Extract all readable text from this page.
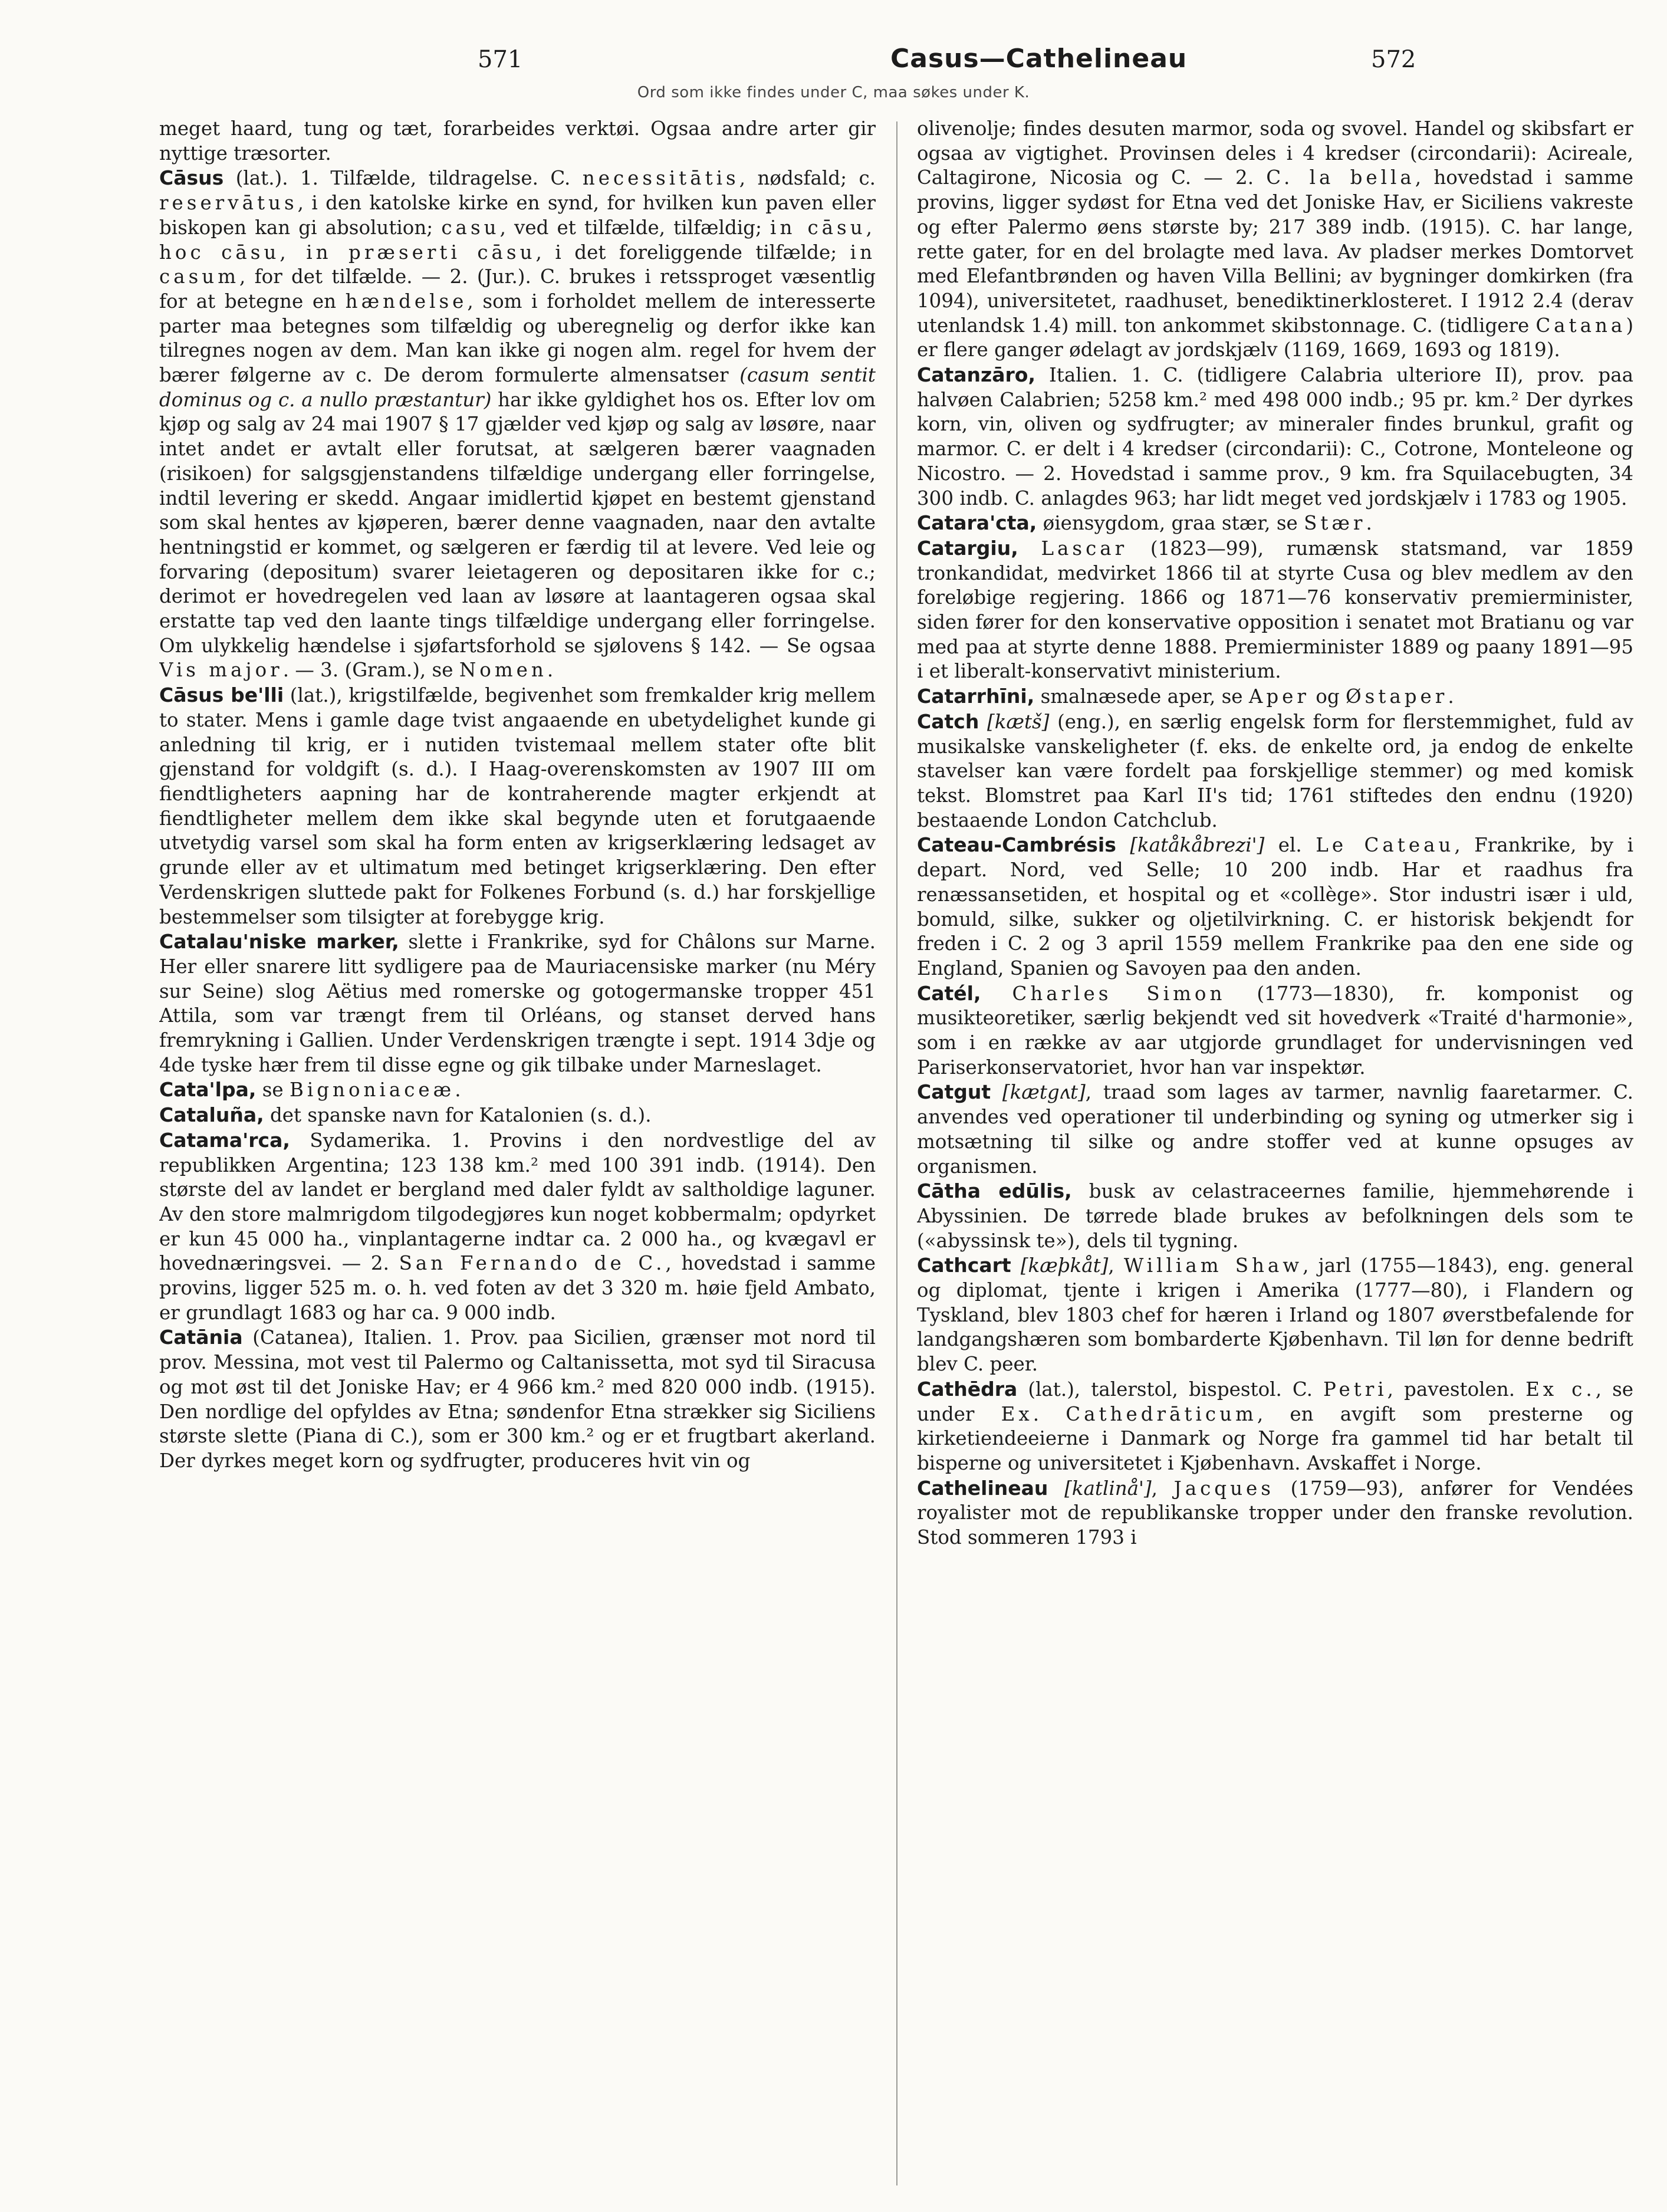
571	Casus—Cathelineau	572
Ord som ikke findes under C, maa søkes under K.

meget haard, tung og tæt, forarbeides verktøi. Ogsaa andre arter gir nyttige træsorter.

Cāsus (lat.). 1. Tilfælde, tildragelse. C. necessitātis, nødsfald; c. reservātus, i den katolske kirke en synd, for hvilken kun paven eller biskopen kan gi absolution; casu, ved et tilfælde, tilfældig; in cāsu, hoc cāsu, in præserti cāsu, i det foreliggende tilfælde; in casum, for det tilfælde. — 2. (Jur.). C. brukes i retssproget væsentlig for at betegne en hændelse, som i forholdet mellem de interesserte parter maa betegnes som tilfældig og uberegnelig og derfor ikke kan tilregnes nogen av dem. Man kan ikke gi nogen alm. regel for hvem der bærer følgerne av c. De derom formulerte almensatser (casum sentit dominus og c. a nullo præstantur) har ikke gyldighet hos os. Efter lov om kjøp og salg av 24 mai 1907 § 17 gjælder ved kjøp og salg av løsøre, naar intet andet er avtalt eller forutsat, at sælgeren bærer vaagnaden (risikoen) for salgsgjenstandens tilfældige undergang eller forringelse, indtil levering er skedd. Angaar imidlertid kjøpet en bestemt gjenstand som skal hentes av kjøperen, bærer denne vaagnaden, naar den avtalte hentningstid er kommet, og sælgeren er færdig til at levere. Ved leie og forvaring (depositum) svarer leietageren og depositaren ikke for c.; derimot er hovedregelen ved laan av løsøre at laantageren ogsaa skal erstatte tap ved den laante tings tilfældige undergang eller forringelse. Om ulykkelig hændelse i sjøfartsforhold se sjølovens § 142. — Se ogsaa Vis major. — 3. (Gram.), se Nomen.

Cāsus be'lli (lat.), krigstilfælde, begivenhet som fremkalder krig mellem to stater. Mens i gamle dage tvist angaaende en ubetydelighet kunde gi anledning til krig, er i nutiden tvistemaal mellem stater ofte blit gjenstand for voldgift (s. d.). I Haag-overenskomsten av 1907 III om fiendtligheters aapning har de kontraherende magter erkjendt at fiendtligheter mellem dem ikke skal begynde uten et forutgaaende utvetydig varsel som skal ha form enten av krigserklæring ledsaget av grunde eller av et ultimatum med betinget krigserklæring. Den efter Verdenskrigen sluttede pakt for Folkenes Forbund (s. d.) har forskjellige bestemmelser som tilsigter at forebygge krig.

Catalau'niske marker, slette i Frankrike, syd for Châlons sur Marne. Her eller snarere litt sydligere paa de Mauriacensiske marker (nu Méry sur Seine) slog Aëtius med romerske og gotogermanske tropper 451 Attila, som var trængt frem til Orléans, og stanset derved hans fremrykning i Gallien. Under Verdenskrigen trængte i sept. 1914 3dje og 4de tyske hær frem til disse egne og gik tilbake under Marneslaget.

Cata'lpa, se Bignoniaceæ.

Cataluña, det spanske navn for Katalonien (s. d.).

Catama'rca, Sydamerika. 1. Provins i den nordvestlige del av republikken Argentina; 123 138 km.² med 100 391 indb. (1914). Den største del av landet er bergland med daler fyldt av saltholdige laguner. Av den store malmrigdom tilgodegjøres kun noget kobbermalm; opdyrket er kun 45 000 ha., vinplantagerne indtar ca. 2 000 ha., og kvægavl er hovednæringsvei. — 2. San Fernando de C., hovedstad i samme provins, ligger 525 m. o. h. ved foten av det 3 320 m. høie fjeld Ambato, er grundlagt 1683 og har ca. 9 000 indb.

Catānia (Catanea), Italien. 1. Prov. paa Sicilien, grænser mot nord til prov. Messina, mot vest til Palermo og Caltanissetta, mot syd til Siracusa og mot øst til det Joniske Hav; er 4 966 km.² med 820 000 indb. (1915). Den nordlige del opfyldes av Etna; søndenfor Etna strækker sig Siciliens største slette (Piana di C.), som er 300 km.² og er et frugtbart akerland. Der dyrkes meget korn og sydfrugter, produceres hvit vin og

olivenolje; findes desuten marmor, soda og svovel. Handel og skibsfart er ogsaa av vigtighet. Provinsen deles i 4 kredser (circondarii): Acireale, Caltagirone, Nicosia og C. — 2. C. la bella, hovedstad i samme provins, ligger sydøst for Etna ved det Joniske Hav, er Siciliens vakreste og efter Palermo øens største by; 217 389 indb. (1915). C. har lange, rette gater, for en del brolagte med lava. Av pladser merkes Domtorvet med Elefantbrønden og haven Villa Bellini; av bygninger domkirken (fra 1094), universitetet, raadhuset, benediktinerklosteret. I 1912 2.4 (derav utenlandsk 1.4) mill. ton ankommet skibstonnage. C. (tidligere Catana) er flere ganger ødelagt av jordskjælv (1169, 1669, 1693 og 1819).

Catanzāro, Italien. 1. C. (tidligere Calabria ulteriore II), prov. paa halvøen Calabrien; 5258 km.² med 498 000 indb.; 95 pr. km.² Der dyrkes korn, vin, oliven og sydfrugter; av mineraler findes brunkul, grafit og marmor. C. er delt i 4 kredser (circondarii): C., Cotrone, Monteleone og Nicostro. — 2. Hovedstad i samme prov., 9 km. fra Squilacebugten, 34 300 indb. C. anlagdes 963; har lidt meget ved jordskjælv i 1783 og 1905.

Catara'cta, øiensygdom, graa stær, se Stær.

Catargiu, Lascar (1823—99), rumænsk statsmand, var 1859 tronkandidat, medvirket 1866 til at styrte Cusa og blev medlem av den foreløbige regjering. 1866 og 1871—76 konservativ premierminister, siden fører for den konservative opposition i senatet mot Bratianu og var med paa at styrte denne 1888. Premierminister 1889 og paany 1891—95 i et liberalt-konservativt ministerium.

Catarrhīni, smalnæsede aper, se Aper og Østaper.

Catch [kætš] (eng.), en særlig engelsk form for flerstemmighet, fuld av musikalske vanskeligheter (f. eks. de enkelte ord, ja endog de enkelte stavelser kan være fordelt paa forskjellige stemmer) og med komisk tekst. Blomstret paa Karl II's tid; 1761 stiftedes den endnu (1920) bestaaende London Catchclub.

Cateau-Cambrésis [katåkåbrezi'] el. Le Cateau, Frankrike, by i depart. Nord, ved Selle; 10 200 indb. Har et raadhus fra renæssansetiden, et hospital og et «collège». Stor industri især i uld, bomuld, silke, sukker og oljetilvirkning. C. er historisk bekjendt for freden i C. 2 og 3 april 1559 mellem Frankrike paa den ene side og England, Spanien og Savoyen paa den anden.

Catél, Charles Simon (1773—1830), fr. komponist og musikteoretiker, særlig bekjendt ved sit hovedverk «Traité d'harmonie», som i en række av aar utgjorde grundlaget for undervisningen ved Pariserkonservatoriet, hvor han var inspektør.

Catgut [kætgʌt], traad som lages av tarmer, navnlig faaretarmer. C. anvendes ved operationer til underbinding og syning og utmerker sig i motsætning til silke og andre stoffer ved at kunne opsuges av organismen.

Cātha edūlis, busk av celastraceernes familie, hjemmehørende i Abyssinien. De tørrede blade brukes av befolkningen dels som te («abyssinsk te»), dels til tygning.

Cathcart [kæþkåt], William Shaw, jarl (1755—1843), eng. general og diplomat, tjente i krigen i Amerika (1777—80), i Flandern og Tyskland, blev 1803 chef for hæren i Irland og 1807 øverstbefalende for landgangshæren som bombarderte Kjøbenhavn. Til løn for denne bedrift blev C. peer.

Cathēdra (lat.), talerstol, bispestol. C. Petri, pavestolen. Ex c., se under Ex. Cathedrāticum, en avgift som presterne og kirketiendeeierne i Danmark og Norge fra gammel tid har betalt til bisperne og universitetet i Kjøbenhavn. Avskaffet i Norge.

Cathelineau [katlinå'], Jacques (1759—93), anfører for Vendées royalister mot de republikanske tropper under den franske revolution. Stod sommeren 1793 i
